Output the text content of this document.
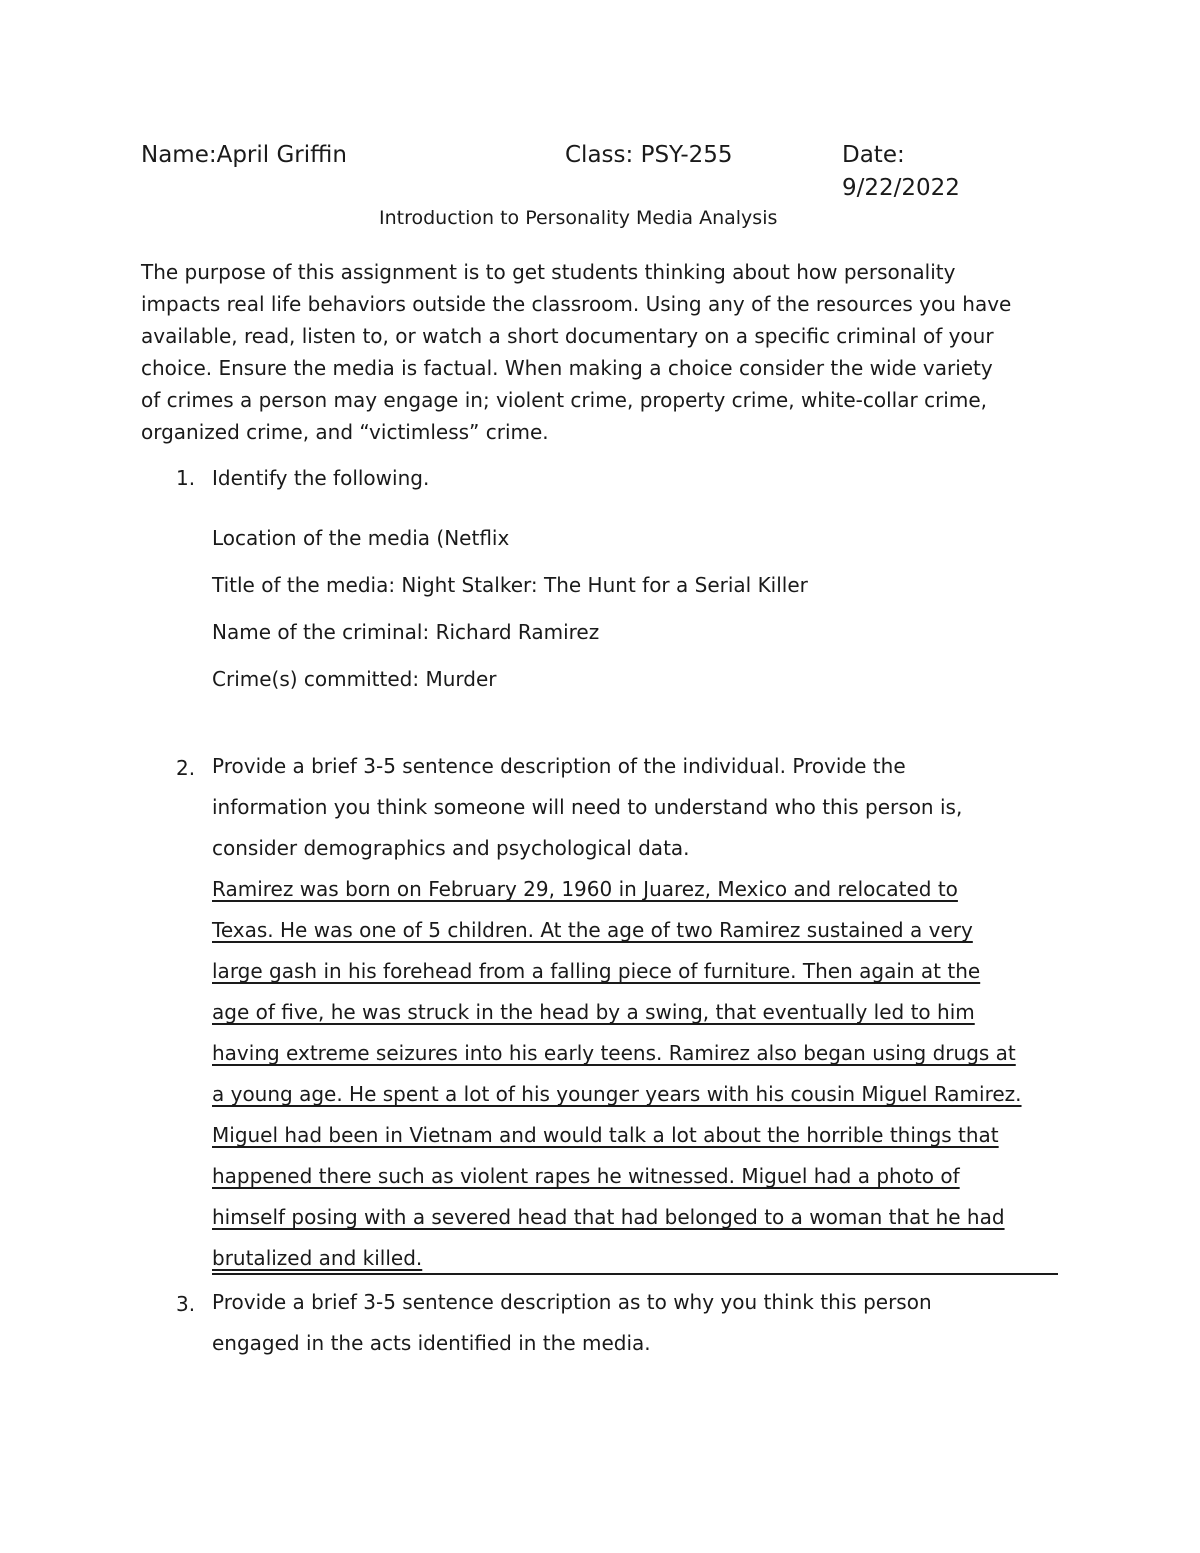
Name:April Griffin	Class: PSY-255	Date:
9/22/2022
Introduction to Personality Media Analysis
The purpose of this assignment is to get students thinking about how personality
impacts real life behaviors outside the classroom. Using any of the resources you have
available, read, listen to, or watch a short documentary on a specific criminal of your
choice. Ensure the media is factual. When making a choice consider the wide variety
of crimes a person may engage in; violent crime, property crime, white-collar crime,
organized crime, and “victimless” crime.
1. Identify the following.
Location of the media (Netflix
Title of the media: Night Stalker: The Hunt for a Serial Killer
Name of the criminal: Richard Ramirez
Crime(s) committed: Murder
2. Provide a brief 3-5 sentence description of the individual. Provide the
information you think someone will need to understand who this person is,
consider demographics and psychological data.
Ramirez was born on February 29, 1960 in Juarez, Mexico and relocated to
Texas. He was one of 5 children. At the age of two Ramirez sustained a very
large gash in his forehead from a falling piece of furniture. Then again at the
age of five, he was struck in the head by a swing, that eventually led to him
having extreme seizures into his early teens. Ramirez also began using drugs at
a young age. He spent a lot of his younger years with his cousin Miguel Ramirez.
Miguel had been in Vietnam and would talk a lot about the horrible things that
happened there such as violent rapes he witnessed. Miguel had a photo of
himself posing with a severed head that had belonged to a woman that he had
brutalized and killed.
3. Provide a brief 3-5 sentence description as to why you think this person
engaged in the acts identified in the media.
